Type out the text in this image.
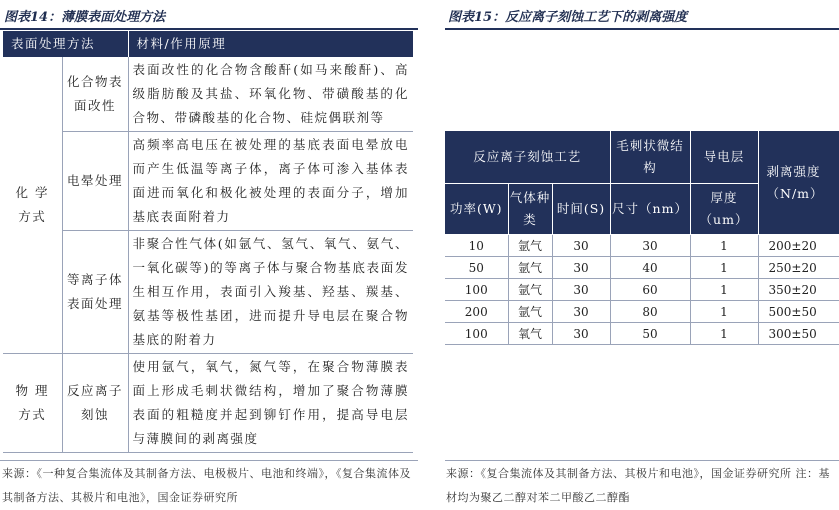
图表14：薄膜表面处理方法
表面处理方法		材料/作用原理
化 学 方式	化合物表面改性	表面改性的化合物含酸酐(如马来酸酐)、高级脂肪酸及其盐、环氧化物、带磺酸基的化合物、带磷酸基的化合物、硅烷偶联剂等
	电晕处理	高频率高电压在被处理的基底表面电晕放电而产生低温等离子体，离子体可渗入基体表面进而氧化和极化被处理的表面分子，增加基底表面附着力
	等离子体表面处理	非聚合性气体(如氩气、氢气、氧气、氨气、一氧化碳等)的等离子体与聚合物基底表面发生相互作用，表面引入羧基、羟基、羰基、氨基等极性基团，进而提升导电层在聚合物基底的附着力
物 理 方式	反应离子刻蚀	使用氩气，氧气，氮气等，在聚合物薄膜表面上形成毛刺状微结构，增加了聚合物薄膜表面的粗糙度并起到铆钉作用，提高导电层与薄膜间的剥离强度
来源：《一种复合集流体及其制备方法、电极极片、电池和终端》，《复合集流体及其制备方法、其极片和电池》，国金证券研究所
图表15：反应离子刻蚀工艺下的剥离强度
反应离子刻蚀工艺			毛刺状微结构	导电层	剥离强度（N/m）
功率(W)	气体种类	时间(S)	尺寸（nm）	厚度（um）	
10	氩气	30	30	1	200±20
50	氩气	30	40	1	250±20
100	氩气	30	60	1	350±20
200	氩气	30	80	1	500±50
100	氧气	30	50	1	300±50
来源：《复合集流体及其制备方法、其极片和电池》，国金证券研究所 注：基材均为聚乙二醇对苯二甲酸乙二醇酯
